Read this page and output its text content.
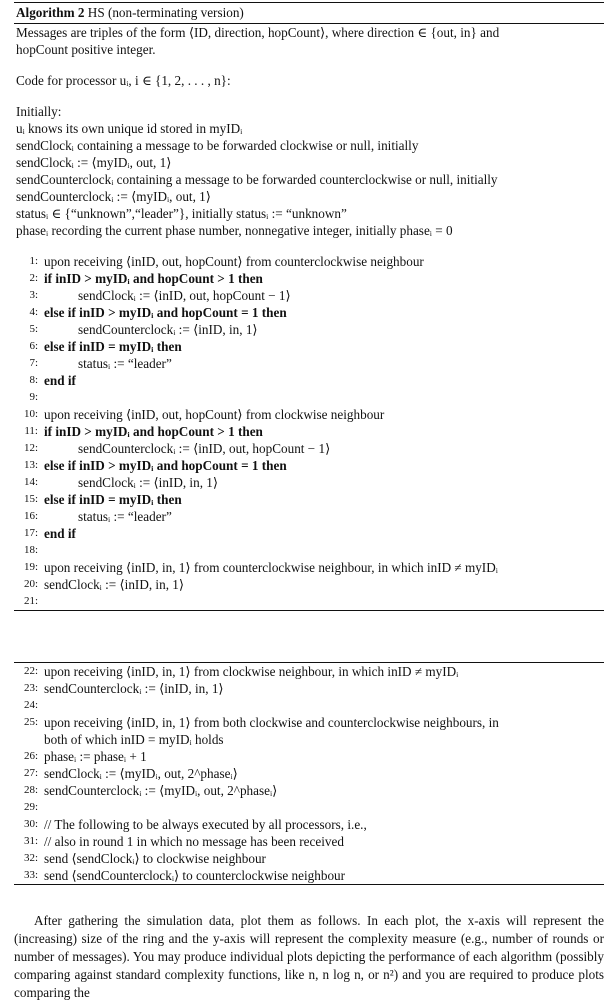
Algorithm 2 HS (non-terminating version)
Messages are triples of the form ⟨ID, direction, hopCount⟩, where direction ∈ {out, in} and
hopCount positive integer.
Code for processor uᵢ, i ∈ {1, 2, . . . , n}:
Initially:
uᵢ knows its own unique id stored in myIDᵢ
sendClockᵢ containing a message to be forwarded clockwise or null, initially
sendClockᵢ := ⟨myIDᵢ, out, 1⟩
sendCounterclockᵢ containing a message to be forwarded counterclockwise or null, initially
sendCounterclockᵢ := ⟨myIDᵢ, out, 1⟩
statusᵢ ∈ {“unknown”,“leader”}, initially statusᵢ := “unknown”
phaseᵢ recording the current phase number, nonnegative integer, initially phaseᵢ = 0
1: upon receiving ⟨inID, out, hopCount⟩ from counterclockwise neighbour
2: if inID > myIDᵢ and hopCount > 1 then
3:	sendClockᵢ := ⟨inID, out, hopCount − 1⟩
4: else if inID > myIDᵢ and hopCount = 1 then
5:	sendCounterclockᵢ := ⟨inID, in, 1⟩
6: else if inID = myIDᵢ then
7:	statusᵢ := “leader”
8: end if
9:
10: upon receiving ⟨inID, out, hopCount⟩ from clockwise neighbour
11: if inID > myIDᵢ and hopCount > 1 then
12:	sendCounterclockᵢ := ⟨inID, out, hopCount − 1⟩
13: else if inID > myIDᵢ and hopCount = 1 then
14:	sendClockᵢ := ⟨inID, in, 1⟩
15: else if inID = myIDᵢ then
16:	statusᵢ := “leader”
17: end if
18:
19: upon receiving ⟨inID, in, 1⟩ from counterclockwise neighbour, in which inID ≠ myIDᵢ
20: sendClockᵢ := ⟨inID, in, 1⟩
21:
22: upon receiving ⟨inID, in, 1⟩ from clockwise neighbour, in which inID ≠ myIDᵢ
23: sendCounterclockᵢ := ⟨inID, in, 1⟩
24:
25: upon receiving ⟨inID, in, 1⟩ from both clockwise and counterclockwise neighbours, in

both of which inID = myIDᵢ holds
26: phaseᵢ := phaseᵢ + 1
27: sendClockᵢ := ⟨myIDᵢ, out, 2^phaseᵢ⟩
28: sendCounterclockᵢ := ⟨myIDᵢ, out, 2^phaseᵢ⟩
29:
30: // The following to be always executed by all processors, i.e.,
31: // also in round 1 in which no message has been received
32: send ⟨sendClockᵢ⟩ to clockwise neighbour
33: send ⟨sendCounterclockᵢ⟩ to counterclockwise neighbour
After gathering the simulation data, plot them as follows. In each plot, the x-axis will represent the (increasing) size of the ring and the y-axis will represent the complexity measure (e.g., number of rounds or number of messages). You may produce individual plots depicting the performance of each algorithm (possibly comparing against standard complexity functions, like n, n log n, or n²) and you are required to produce plots comparing the
